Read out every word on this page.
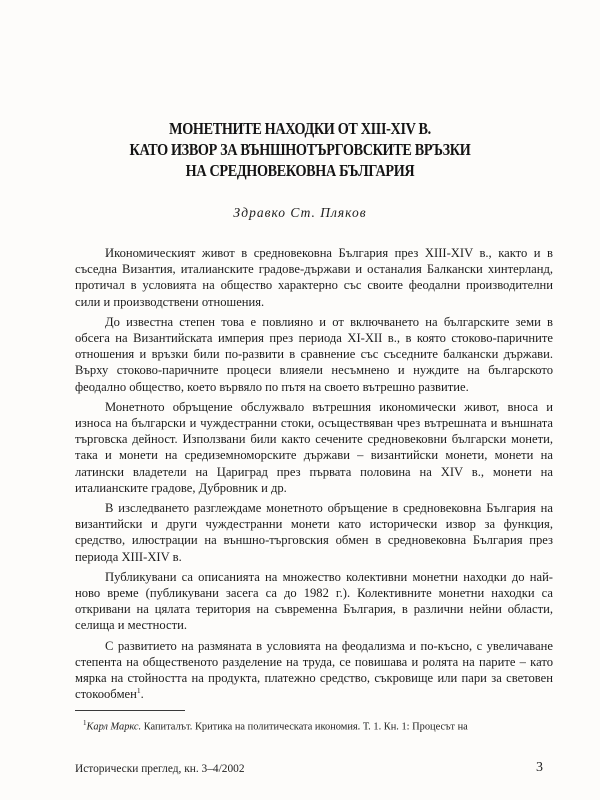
МОНЕТНИТЕ НАХОДКИ ОТ XIII-XIV В.
КАТО ИЗВОР ЗА ВЪНШНОТЪРГОВСКИТЕ ВРЪЗКИ
НА СРЕДНОВЕКОВНА БЪЛГАРИЯ
Здравко Ст. Пляков

Икономическият живот в средновековна България през XIII-XIV в., както и в съседна Византия, италианските градове-държави и останалия Балкански хинтерланд, протичал в условията на общество характерно със своите феодални производителни сили и производствени отношения.

До известна степен това е повлияно и от включването на българските земи в обсега на Византийската империя през периода XI-XII в., в която стоково-паричните отношения и връзки били по-развити в сравнение със съседните балкански държави. Върху стоково-паричните процеси влияели несъмнено и нуждите на българското феодално общество, което вървяло по пътя на своето вътрешно развитие.

Монетното обръщение обслужвало вътрешния икономически живот, вноса и износа на български и чуждестранни стоки, осъществяван чрез вътрешната и външната търговска дейност. Използвани били както сечените средновековни български монети, така и монети на средиземноморските държави – византийски монети, монети на латински владетели на Цариград през първата половина на XIV в., монети на италианските градове, Дубровник и др.

В изследването разглеждаме монетното обръщение в средновековна България на византийски и други чуждестранни монети като исторически извор за функция, средство, илюстрации на външно-търговския обмен в средновековна България през периода XIII-XIV в.

Публикувани са описанията на множество колективни монетни находки до най-ново време (публикувани засега са до 1982 г.). Колективните монетни находки са откривани на цялата територия на съвременна България, в различни нейни области, селища и местности.

С развитието на размяната в условията на феодализма и по-късно, с увеличаване степента на общественото разделение на труда, се повишава и ролята на парите – като мярка на стойността на продукта, платежно средство, съкровище или пари за световен стокообмен$^1$.

$^1$Карл Маркс. Капиталът. Критика на политическата икономия. Т. 1. Кн. 1: Процесът на
Исторически преглед, кн. 3–4/2002	3
